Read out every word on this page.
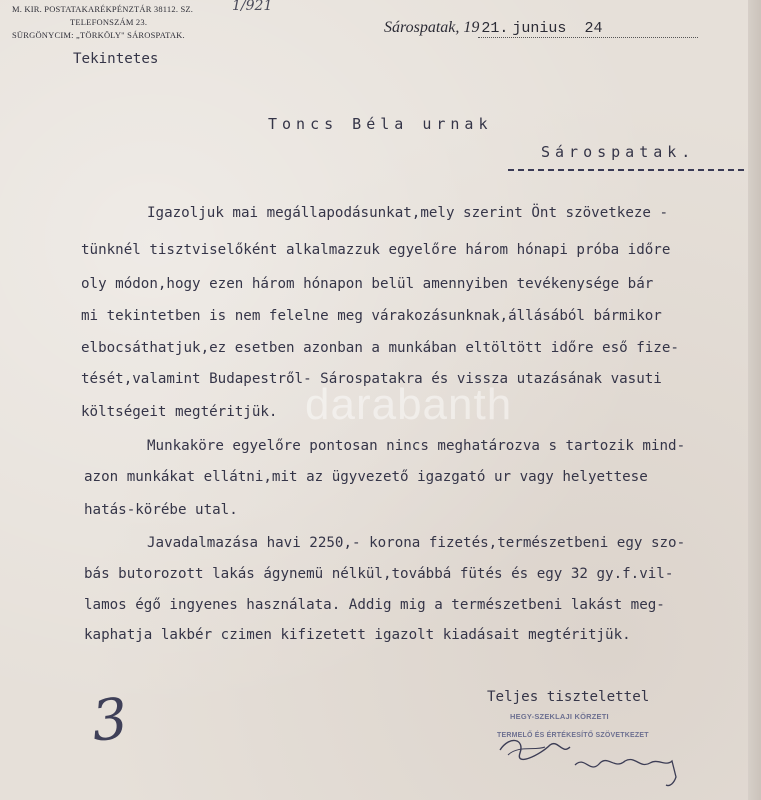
M. KIR. POSTATAKARÉKPÉNZTÁR 38112. SZ.
TELEFONSZÁM 23.
SÜRGÖNYCIM: „TÖRKÖLY" SÁROSPATAK.
1/921
Sárospatak, 19 21. junius 24
Tekintetes
Toncs Béla urnak
Sárospatak.
Igazoljuk mai megállapodásunkat,mely szerint Önt szövetkeze -
tünknél tisztviselőként alkalmazzuk egyelőre három hónapi próba időre
oly módon,hogy ezen három hónapon belül amennyiben tevékenysége bár
mi tekintetben is nem felelne meg várakozásunknak,állásából bármikor
elbocsáthatjuk,ez esetben azonban a munkában eltöltött időre eső fize-
tését,valamint Budapestről- Sárospatakra és vissza utazásának vasuti
költségeit megtéritjük.
Munkaköre egyelőre pontosan nincs meghatározva s tartozik mind-
azon munkákat ellátni,mit az ügyvezető igazgató ur vagy helyettese
hatás-körébe utal.
Javadalmazása havi 2250,- korona fizetés,természetbeni egy szo-
bás butorozott lakás ágynemü nélkül,továbbá fütés és egy 32 gy.f.vil-
lamos égő ingyenes használata. Addig mig a természetbeni lakást meg-
kaphatja lakbér czimen kifizetett igazolt kiadásait megtéritjük.
Teljes tisztelettel
HEGY-SZEKLAJI KÖRZETI
TERMELŐ ÉS ÉRTÉKESÍTŐ SZÖVETKEZET
3
darabanth
